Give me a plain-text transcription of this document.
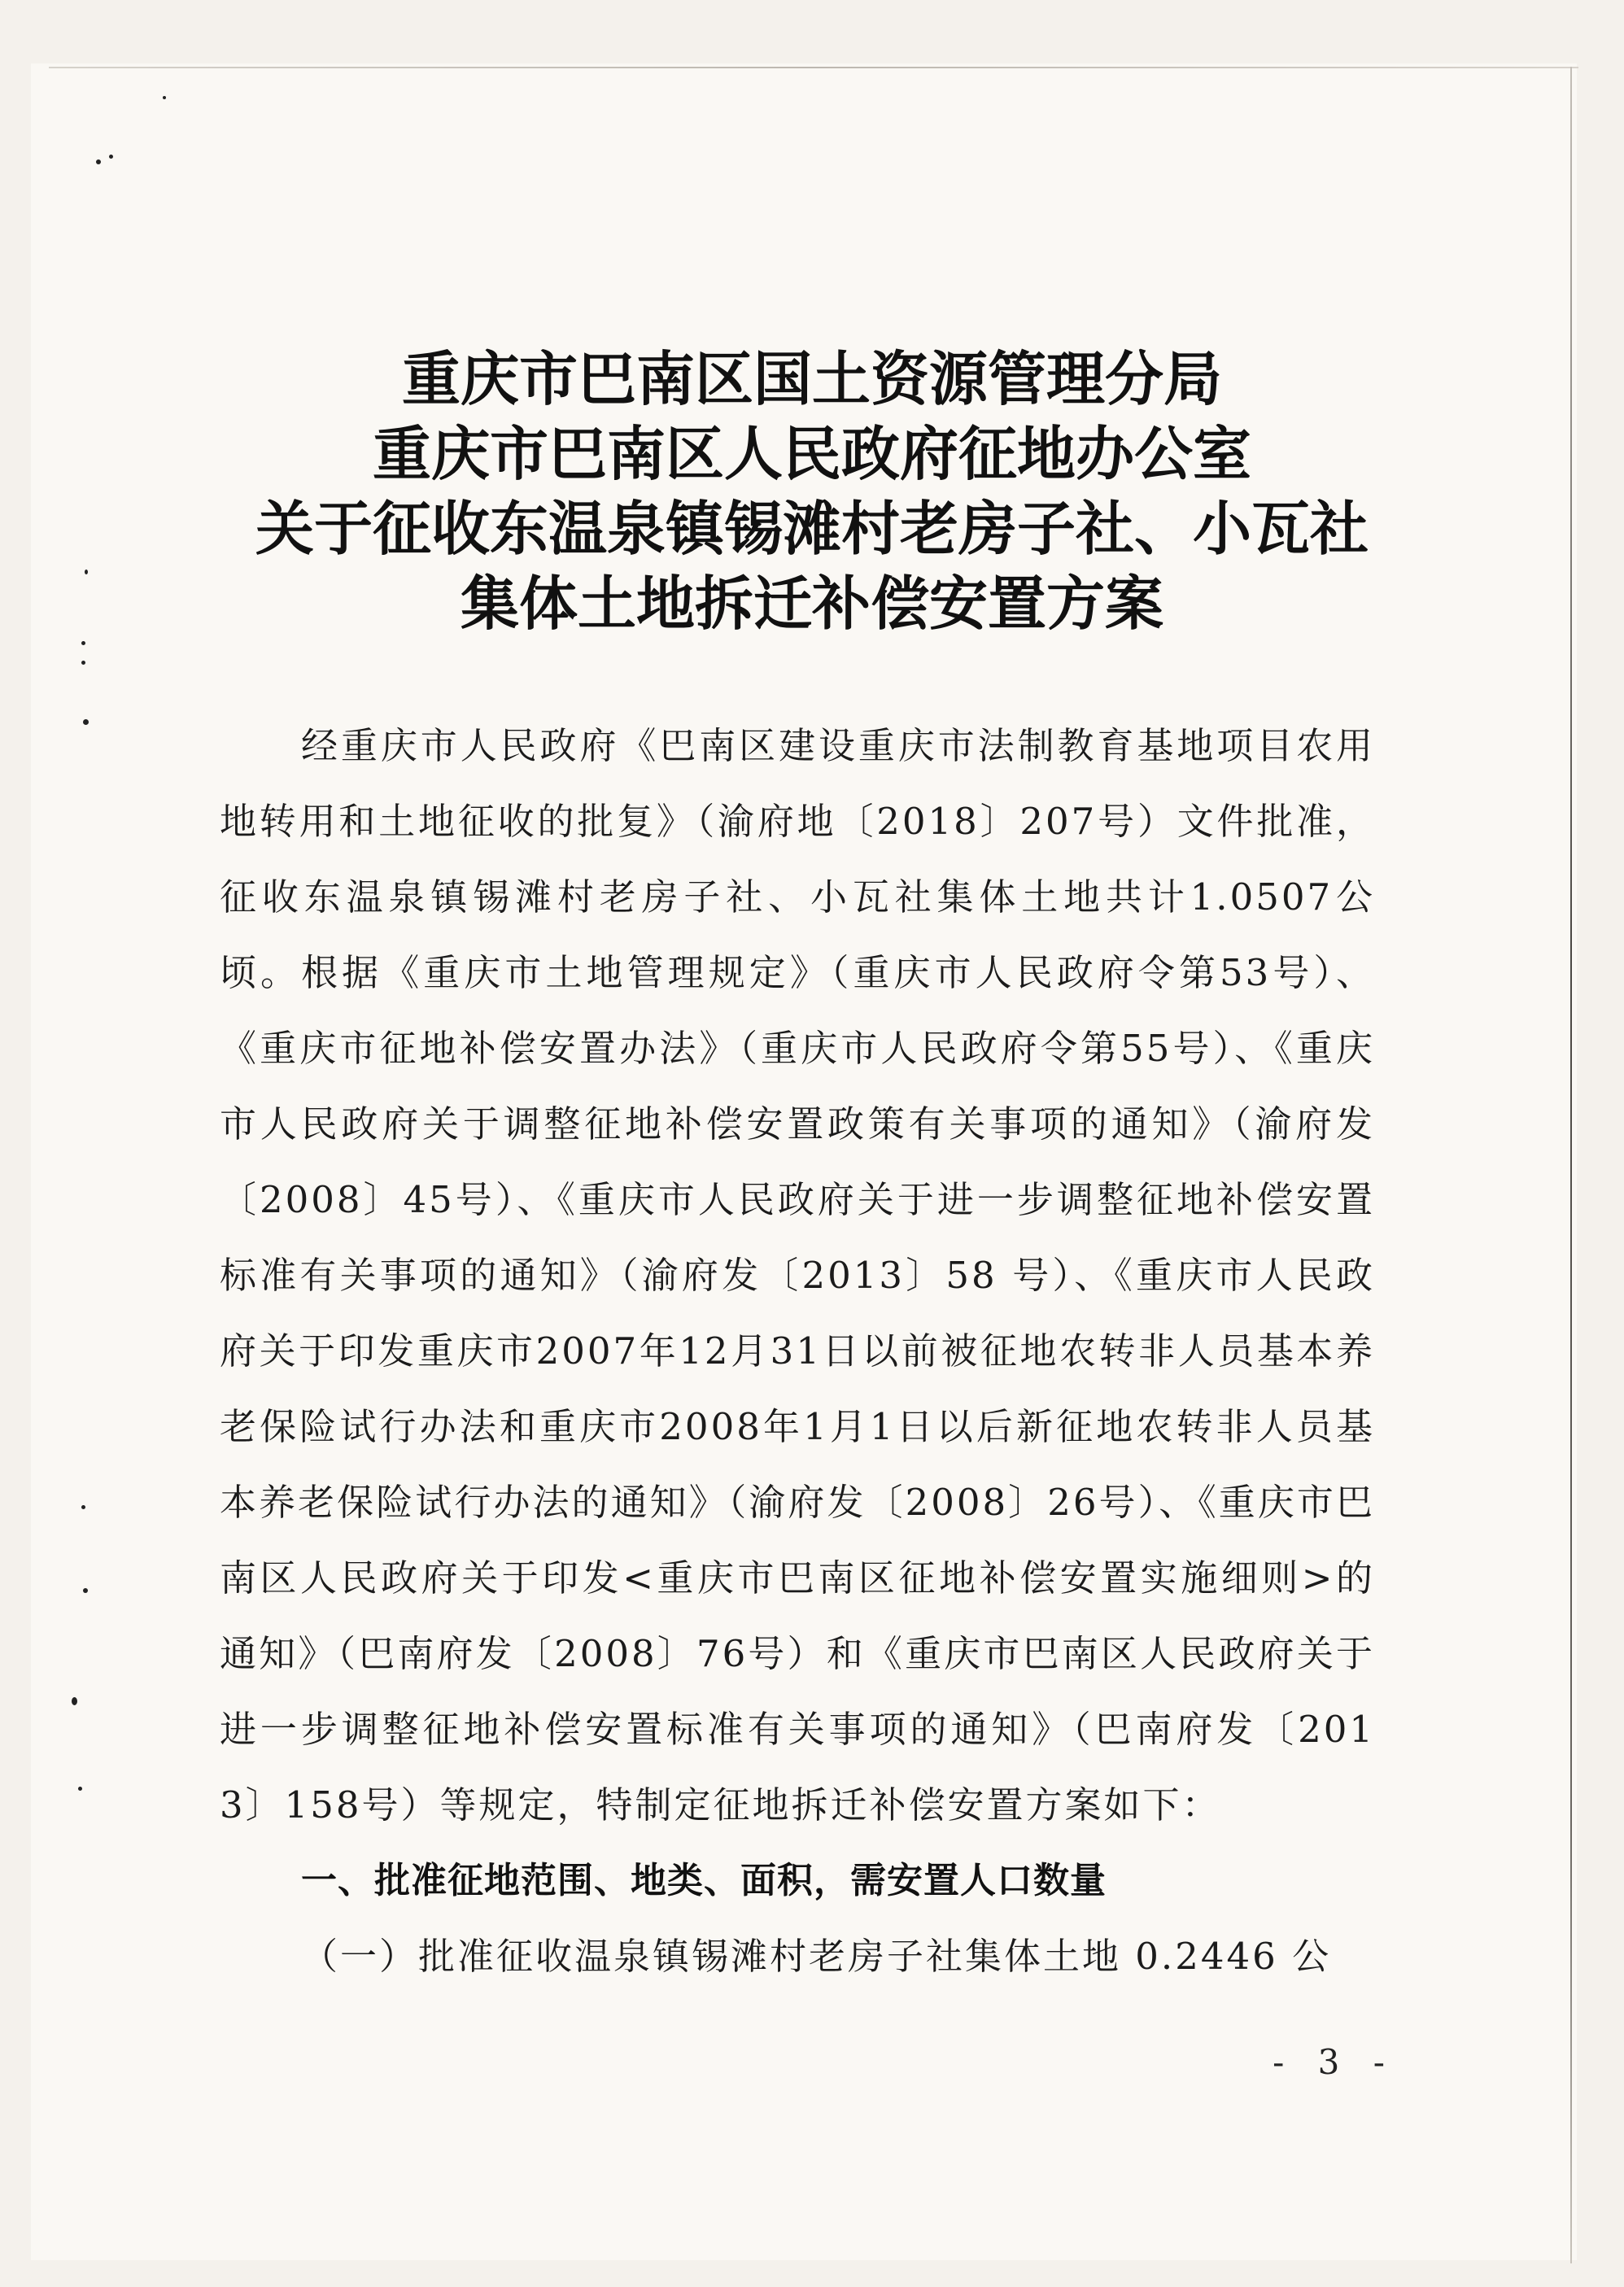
重庆市巴南区国土资源管理分局
重庆市巴南区人民政府征地办公室
关于征收东温泉镇锡滩村老房子社、小瓦社
集体土地拆迁补偿安置方案

经重庆市人民政府《巴南区建设重庆市法制教育基地项目农用地转用和土地征收的批复》（渝府地〔2018〕207号）文件批准，征收东温泉镇锡滩村老房子社、小瓦社集体土地共计1.0507公顷。根据《重庆市土地管理规定》（重庆市人民政府令第53号）、《重庆市征地补偿安置办法》（重庆市人民政府令第55号）、《重庆市人民政府关于调整征地补偿安置政策有关事项的通知》（渝府发〔2008〕45号）、《重庆市人民政府关于进一步调整征地补偿安置标准有关事项的通知》（渝府发〔2013〕58 号）、《重庆市人民政府关于印发重庆市2007年12月31日以前被征地农转非人员基本养老保险试行办法和重庆市2008年1月1日以后新征地农转非人员基本养老保险试行办法的通知》（渝府发〔2008〕26号）、《重庆市巴南区人民政府关于印发<重庆市巴南区征地补偿安置实施细则>的通知》（巴南府发〔2008〕76号）和《重庆市巴南区人民政府关于进一步调整征地补偿安置标准有关事项的通知》（巴南府发〔2013〕158号）等规定，特制定征地拆迁补偿安置方案如下：

一、批准征地范围、地类、面积，需安置人口数量

（一）批准征收温泉镇锡滩村老房子社集体土地 0.2446 公

- 3 -
